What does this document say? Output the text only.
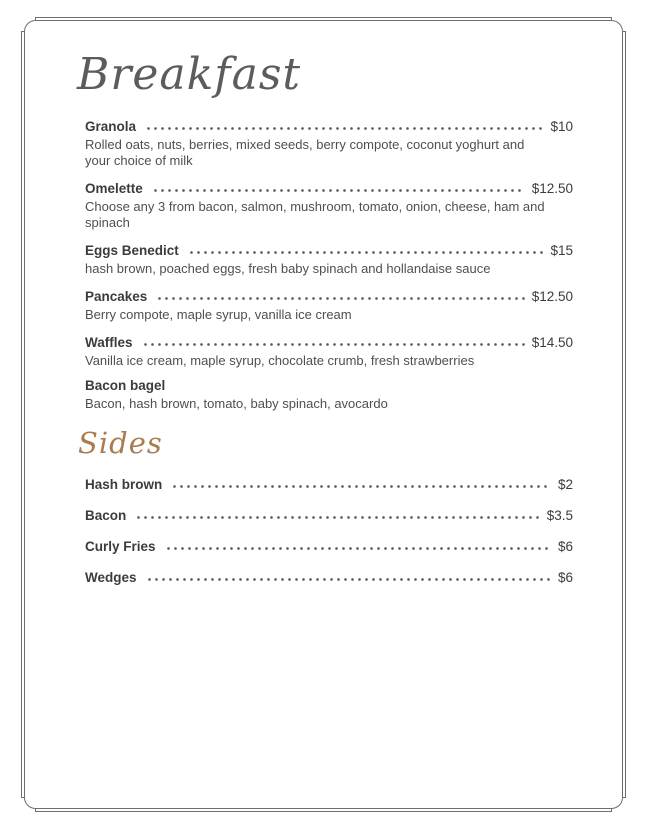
Breakfast
Granola	$10
Rolled oats, nuts, berries, mixed seeds, berry compote, coconut yoghurt and your choice of milk
Omelette	$12.50
Choose any 3 from bacon, salmon, mushroom, tomato, onion, cheese, ham and spinach
Eggs Benedict	$15
hash brown, poached eggs, fresh baby spinach and hollandaise sauce
Pancakes	$12.50
Berry compote, maple syrup, vanilla ice cream
Waffles	$14.50
Vanilla ice cream, maple syrup, chocolate crumb, fresh strawberries
Bacon bagel
Bacon, hash brown, tomato, baby spinach, avocardo
Sides
Hash brown	$2
Bacon	$3.5
Curly Fries	$6
Wedges	$6
